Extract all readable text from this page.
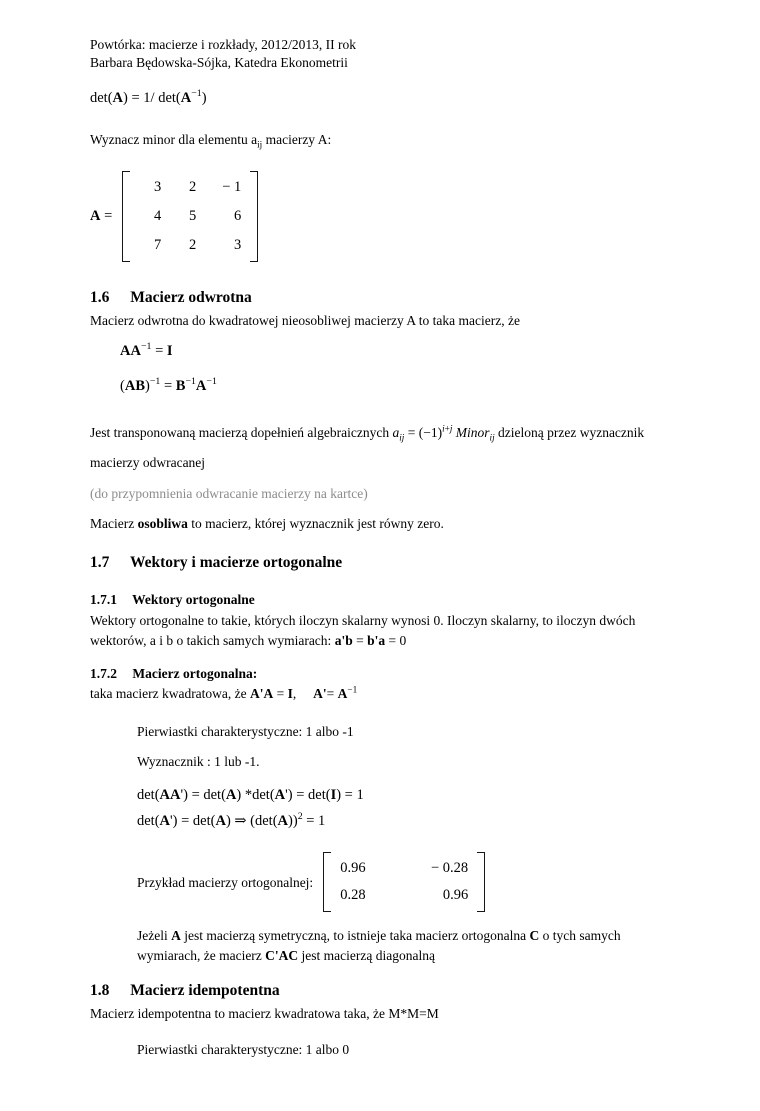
Powtórka: macierze i rozkłady, 2012/2013, II rok

Barbara Będowska-Sójka, Katedra Ekonometrii

det(A) = 1/ $\det(A^{-1})$

Wyznacz minor dla elementu $a_{ij}$ macierzy A:

A =
3	2	− 1
4	5	6
7	2	3
1.6 Macierz odwrotna

Macierz odwrotna do kwadratowej nieosobliwej macierzy A to taka macierz, że

$AA^{-1} = I$

$(AB)^{-1} = B^{-1}A^{-1}$

Jest transponowaną macierzą dopełnień algebraicznych $a_{ij} = (-1)^{i+j}$ Minor$_{ij}$ dzieloną przez wyznacznik macierzy odwracanej

(do przypomnienia odwracanie macierzy na kartce)

Macierz osobliwa to macierz, której wyznacznik jest równy zero.

1.7 Wektory i macierze ortogonalne
1.7.1 Wektory ortogonalne

Wektory ortogonalne to takie, których iloczyn skalarny wynosi 0. Iloczyn skalarny, to iloczyn dwóch wektorów, a i b o takich samych wymiarach: a'b = b'a = 0

1.7.2 Macierz ortogonalna:

taka macierz kwadratowa, że A'A = I,     $A'= A^{-1}$

Pierwiastki charakterystyczne: 1 albo -1

Wyznacznik : 1 lub -1.

det(AA') = det(A) *det(A') = det(I) = 1

det(A') = det(A) ⇒ $(\det(A))^2 = 1$

Przykład macierzy ortogonalnej:
0.96	− 0.28
0.28	0.96

Jeżeli A jest macierzą symetryczną, to istnieje taka macierz ortogonalna C o tych samych wymiarach, że macierz C'AC jest macierzą diagonalną

1.8 Macierz idempotentna

Macierz idempotentna to macierz kwadratowa taka, że M*M=M

Pierwiastki charakterystyczne: 1 albo 0
